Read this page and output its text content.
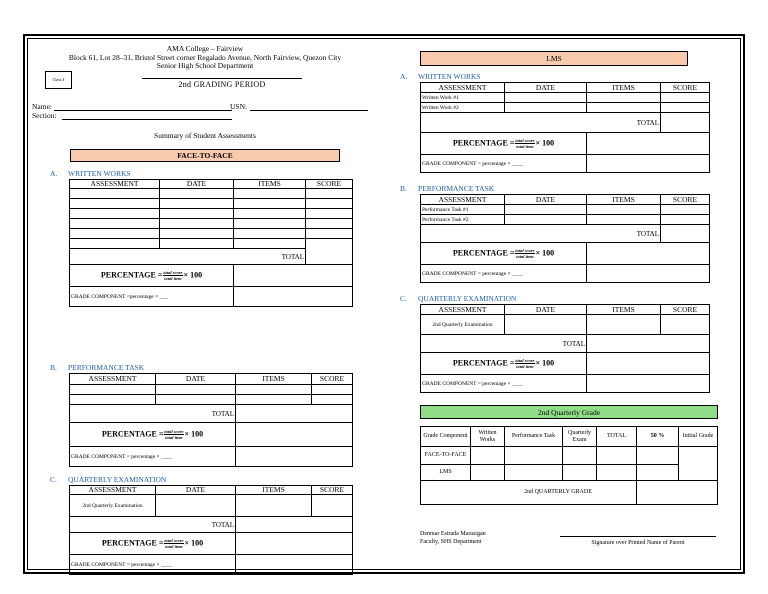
AMA College – Fairview
Block 61, Lot 28–31, Bristol Street corner Regalado Avenue, North Fairview, Quezon City
Senior High School Department
Class #
2nd GRADING PERIOD
Name:	USN:
Section:
Summary of Student Assessments
FACE-TO-FACE
A. WRITTEN WORKS
ASSESSMENT	DATE	ITEMS	SCORE

TOTAL			
PERCENTAGE = $\frac{\text{total score}}{\text{total item}} \times 100$			
GRADE COMPONENT =percentage × ___			
B. PERFORMANCE TASK
ASSESSMENT	DATE	ITEMS	SCORE

TOTAL			
PERCENTAGE = $\frac{\text{total score}}{\text{total item}} \times 100$			
GRADE COMPONENT = percentage × ____			
C. QUARTERLY EXAMINATION
ASSESSMENT	DATE	ITEMS	SCORE
2nd Quarterly Examination			
TOTAL			
PERCENTAGE = $\frac{\text{total score}}{\text{total item}} \times 100$			
GRADE COMPONENT = percentage × ____			
LMS
A. WRITTEN WORKS
ASSESSMENT	DATE	ITEMS	SCORE
Written Work #1			
Written Work #2			
TOTAL			
PERCENTAGE = $\frac{\text{total score}}{\text{total item}} \times 100$			
GRADE COMPONENT = percentage × ____			
B. PERFORMANCE TASK
ASSESSMENT	DATE	ITEMS	SCORE
Performance Task #1			
Performance Task #2			
TOTAL			
PERCENTAGE = $\frac{\text{total score}}{\text{total item}} \times 100$			
GRADE COMPONENT = percentage × ____			
C. QUARTERLY EXAMINATION
ASSESSMENT	DATE	ITEMS	SCORE
2nd Quarterly Examination			
TOTAL			
PERCENTAGE = $\frac{\text{total score}}{\text{total item}} \times 100$			
GRADE COMPONENT = percentage × ____			
2nd Quarterly Grade
Grade Component	Written Works	Performance Task	Quarterly Exam	TOTAL	50 %	Initial Grade
FACE-TO-FACE						
LMS						
2nd QUARTERLY GRADE						
Denmar Estrada Marasigan
Faculty, SHS Department	Signature over Printed Name of Parent
